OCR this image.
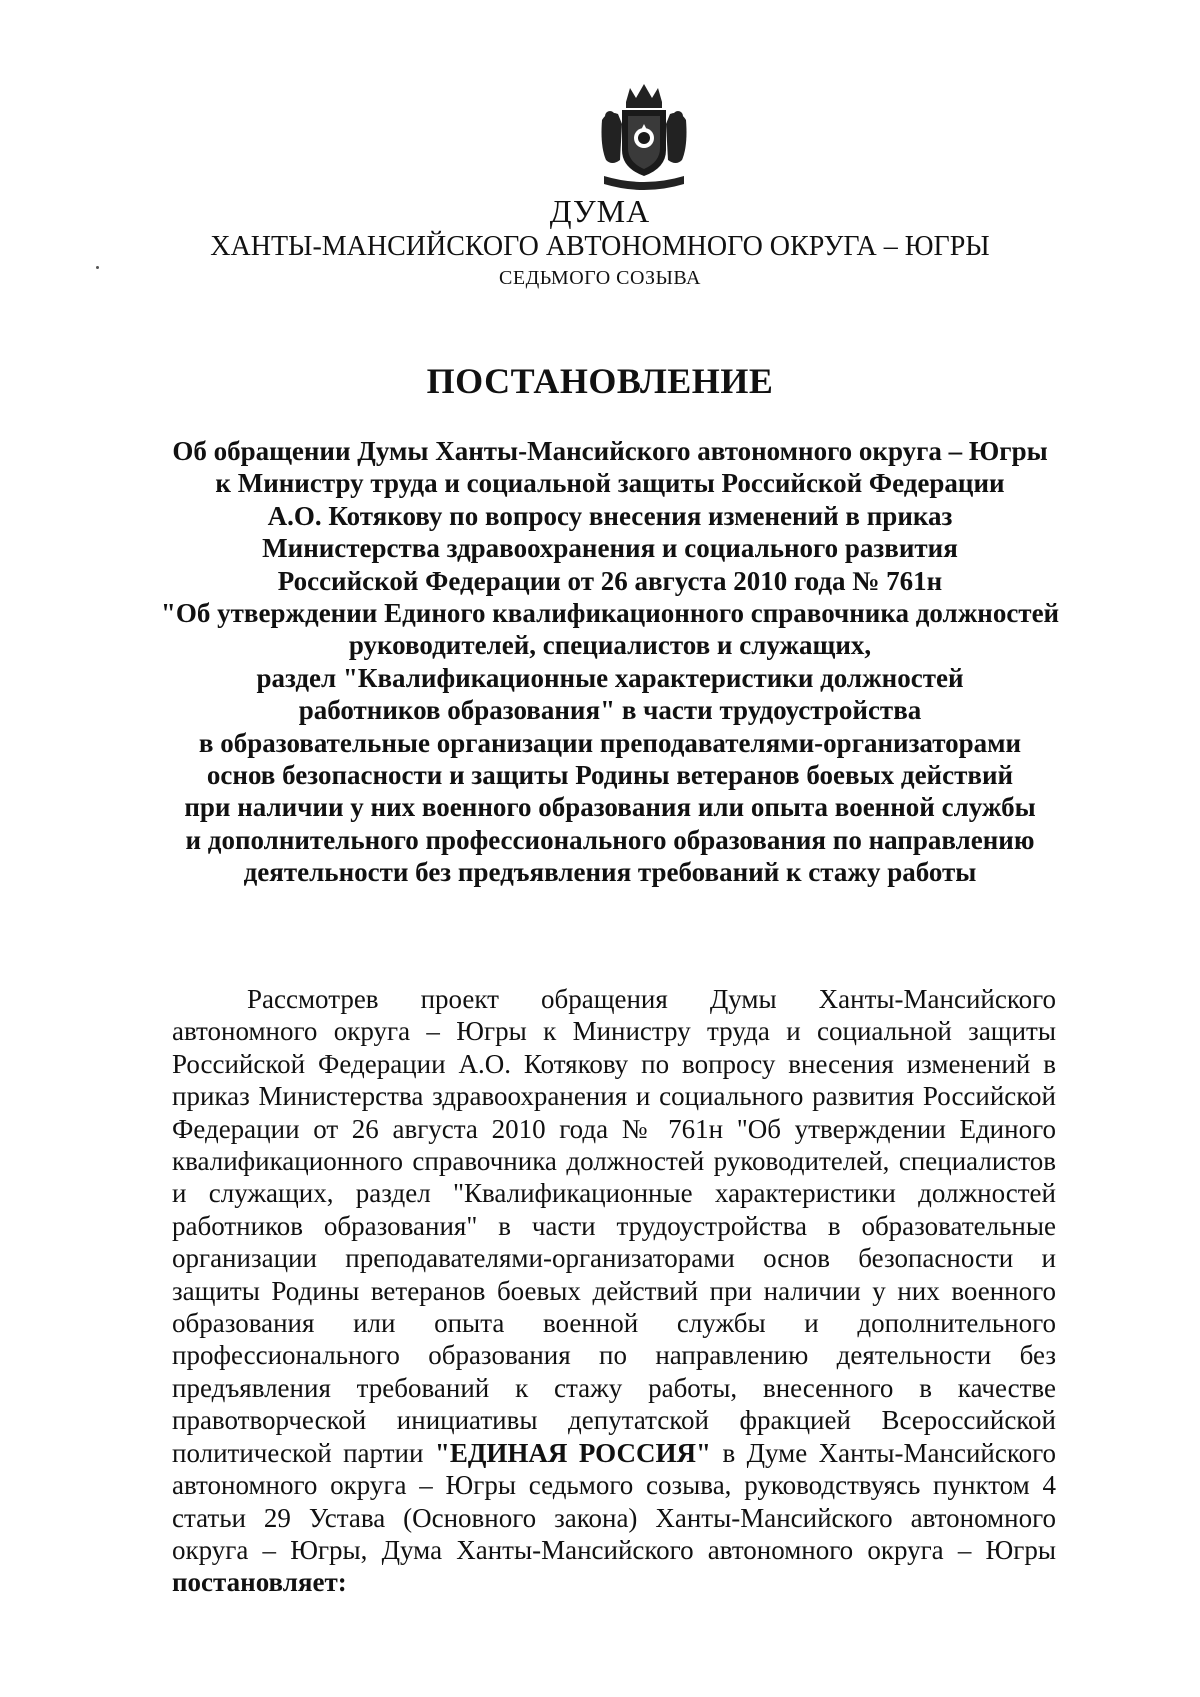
ДУМА
ХАНТЫ-МАНСИЙСКОГО АВТОНОМНОГО ОКРУГА – ЮГРЫ
СЕДЬМОГО СОЗЫВА
ПОСТАНОВЛЕНИЕ
Об обращении Думы Ханты-Мансийского автономного округа – Югры
к Министру труда и социальной защиты Российской Федерации
А.О. Котякову по вопросу внесения изменений в приказ
Министерства здравоохранения и социального развития
Российской Федерации от 26 августа 2010 года № 761н
"Об утверждении Единого квалификационного справочника должностей
руководителей, специалистов и служащих,
раздел "Квалификационные характеристики должностей
работников образования" в части трудоустройства
в образовательные организации преподавателями-организаторами
основ безопасности и защиты Родины ветеранов боевых действий
при наличии у них военного образования или опыта военной службы
и дополнительного профессионального образования по направлению
деятельности без предъявления требований к стажу работы

Рассмотрев проект обращения Думы Ханты-Мансийского автономного округа – Югры к Министру труда и социальной защиты Российской Федерации А.О. Котякову по вопросу внесения изменений в приказ Министерства здравоохранения и социального развития Российской Федерации от 26 августа 2010 года № 761н "Об утверждении Единого квалификационного справочника должностей руководителей, специалистов и служащих, раздел "Квалификационные характеристики должностей работников образования" в части трудоустройства в образовательные организации преподавателями-организаторами основ безопасности и защиты Родины ветеранов боевых действий при наличии у них военного образования или опыта военной службы и дополнительного профессионального образования по направлению деятельности без предъявления требований к стажу работы, внесенного в качестве правотворческой инициативы депутатской фракцией Всероссийской политической партии "ЕДИНАЯ РОССИЯ" в Думе Ханты-Мансийского автономного округа – Югры седьмого созыва, руководствуясь пунктом 4 статьи 29 Устава (Основного закона) Ханты-Мансийского автономного округа – Югры, Дума Ханты-Мансийского автономного округа – Югры постановляет:
